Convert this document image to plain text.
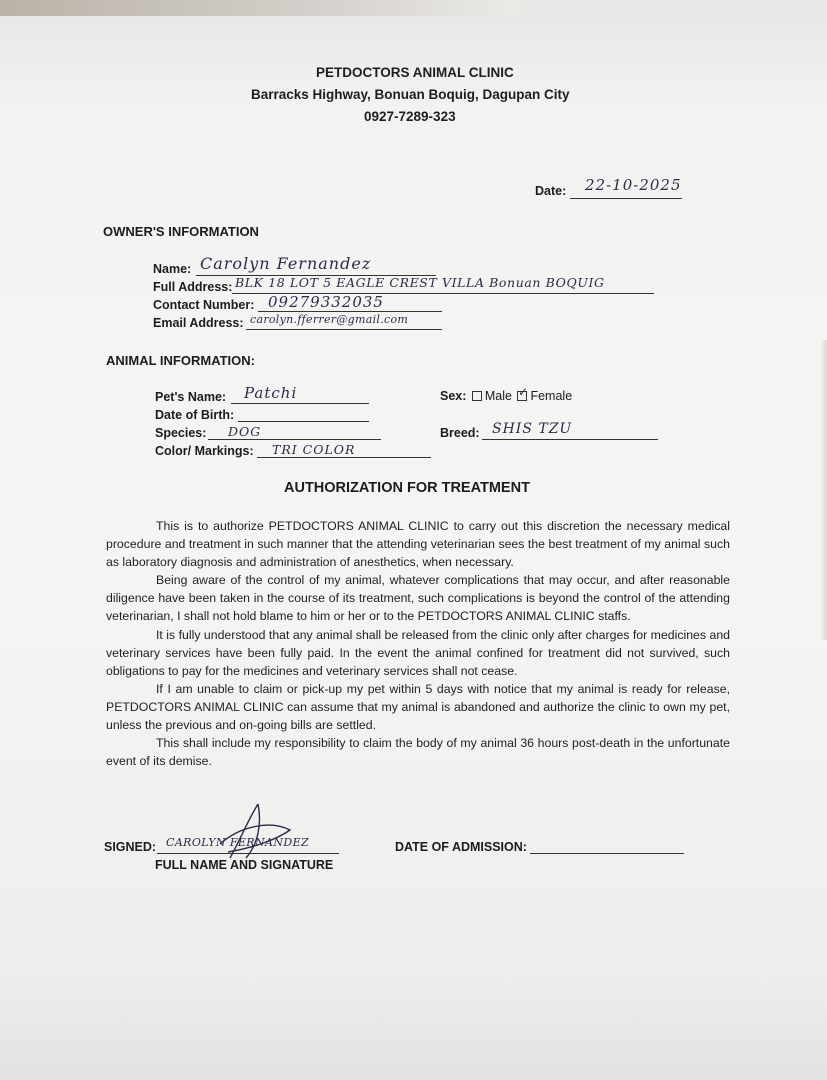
PETDOCTORS ANIMAL CLINIC
Barracks Highway, Bonuan Boquig, Dagupan City
0927-7289-323
Date: 22-10-2025
OWNER'S INFORMATION
Name: Carolyn Fernandez
Full Address: BLK 18 LOT 5 EAGLE CREST VILLA Bonuan BOQUIG
Contact Number: 09279332035
Email Address: carolyn.fferrer@gmail.com
ANIMAL INFORMATION:
Pet's Name: Patchi
Date of Birth:
Species: DOG
Color/ Markings: TRI COLOR
Sex: Male Female
✓
Breed: SHIS TZU
AUTHORIZATION FOR TREATMENT

This is to authorize PETDOCTORS ANIMAL CLINIC to carry out this discretion the necessary medical procedure and treatment in such manner that the attending veterinarian sees the best treatment of my animal such as laboratory diagnosis and administration of anesthetics, when necessary.

Being aware of the control of my animal, whatever complications that may occur, and after reasonable diligence have been taken in the course of its treatment, such complications is beyond the control of the attending veterinarian, I shall not hold blame to him or her or to the PETDOCTORS ANIMAL CLINIC staffs.

It is fully understood that any animal shall be released from the clinic only after charges for medicines and veterinary services have been fully paid. In the event the animal confined for treatment did not survived, such obligations to pay for the medicines and veterinary services shall not cease.

If I am unable to claim or pick-up my pet within 5 days with notice that my animal is ready for release, PETDOCTORS ANIMAL CLINIC can assume that my animal is abandoned and authorize the clinic to own my pet, unless the previous and on-going bills are settled.

This shall include my responsibility to claim the body of my animal 36 hours post-death in the unfortunate event of its demise.

SIGNED: CAROLYN FERNANDEZ
FULL NAME AND SIGNATURE
DATE OF ADMISSION:
